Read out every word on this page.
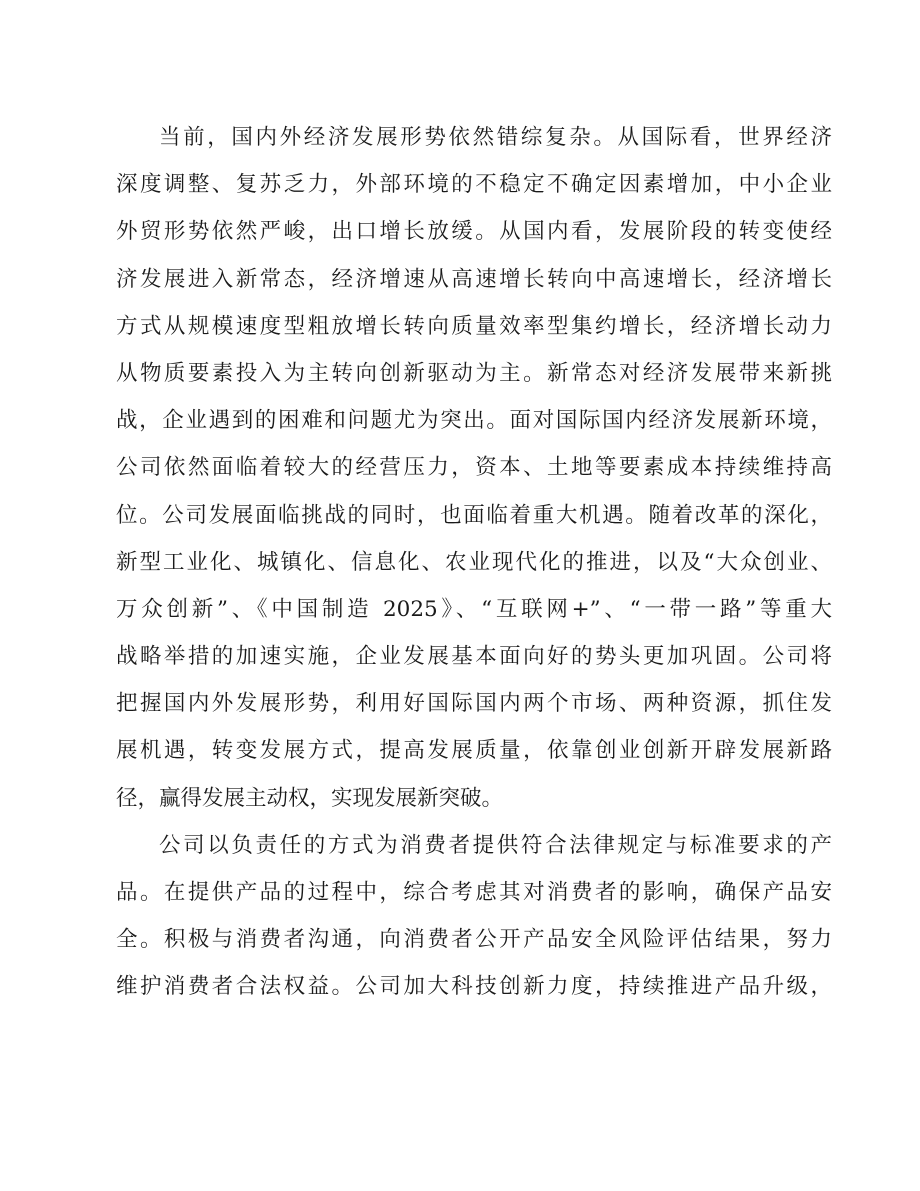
当前，国内外经济发展形势依然错综复杂。从国际看，世界经济
深度调整、复苏乏力，外部环境的不稳定不确定因素增加，中小企业
外贸形势依然严峻，出口增长放缓。从国内看，发展阶段的转变使经
济发展进入新常态，经济增速从高速增长转向中高速增长，经济增长
方式从规模速度型粗放增长转向质量效率型集约增长，经济增长动力
从物质要素投入为主转向创新驱动为主。新常态对经济发展带来新挑
战，企业遇到的困难和问题尤为突出。面对国际国内经济发展新环境，
公司依然面临着较大的经营压力，资本、土地等要素成本持续维持高
位。公司发展面临挑战的同时，也面临着重大机遇。随着改革的深化，
新型工业化、城镇化、信息化、农业现代化的推进，以及“大众创业、
万众创新”、《中国制造 2025》、“互联网+”、“一带一路”等重大
战略举措的加速实施，企业发展基本面向好的势头更加巩固。公司将
把握国内外发展形势，利用好国际国内两个市场、两种资源，抓住发
展机遇，转变发展方式，提高发展质量，依靠创业创新开辟发展新路
径，赢得发展主动权，实现发展新突破。
公司以负责任的方式为消费者提供符合法律规定与标准要求的产
品。在提供产品的过程中，综合考虑其对消费者的影响，确保产品安
全。积极与消费者沟通，向消费者公开产品安全风险评估结果，努力
维护消费者合法权益。公司加大科技创新力度，持续推进产品升级，
